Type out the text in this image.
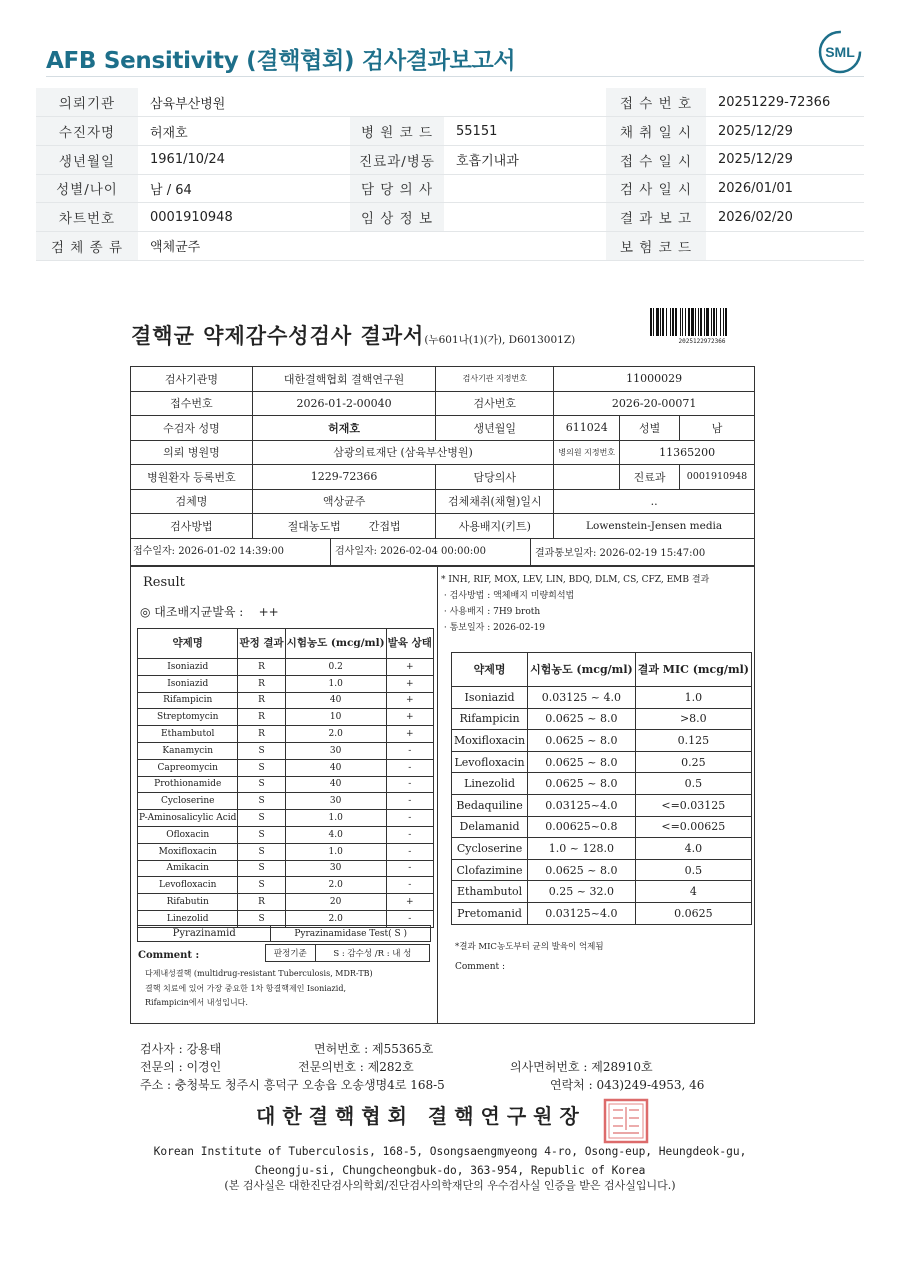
AFB Sensitivity (결핵협회) 검사결과보고서	SML
의뢰기관	삼육부산병원			접 수 번 호	20251229-72366
수진자명	허재호	병 원 코 드	55151	채 취 일 시	2025/12/29
생년월일	1961/10/24	진료과/병동	호흡기내과	접 수 일 시	2025/12/29
성별/나이	남 / 64	담 당 의 사		검 사 일 시	2026/01/01
차트번호	0001910948	임 상 정 보		결 과 보 고	2026/02/20
검 체 종 류	액체균주			보 험 코 드	
결핵균 약제감수성검사 결과서(누601나(1)(가), D6013001Z)	2025122972366
검사기관명	대한결핵협회 결핵연구원	검사기관 지정번호	11000029		
접수번호	2026-01-2-00040	검사번호	2026-20-00071		
수검자 성명	허재호	생년월일	611024	성별	남
의뢰 병원명	삼광의료재단 (삼육부산병원)		병의원 지정번호	11365200	
병원환자 등록번호	1229-72366	담당의사		진료과	0001910948
검체명	액상균주	검체채취(채혈)일시	..		
검사방법	절대농도법 간접법	사용배지(키트)	Lowenstein-Jensen media		

접수일자: 2026-01-02 14:39:00 검사일자: 2026-02-04 00:00:00 결과통보일자: 2026-02-19 15:47:00					
Result
◎ 대조배지균발육 : ++
약제명	판정 결과	시험농도 (mcg/ml)	발육 상태
Isoniazid	R	0.2	+
Isoniazid	R	1.0	+
Rifampicin	R	40	+
Streptomycin	R	10	+
Ethambutol	R	2.0	+
Kanamycin	S	30	-
Capreomycin	S	40	-
Prothionamide	S	40	-
Cycloserine	S	30	-
P-Aminosalicylic Acid	S	1.0	-
Ofloxacin	S	4.0	-
Moxifloxacin	S	1.0	-
Amikacin	S	30	-
Levofloxacin	S	2.0	-
Rifabutin	R	20	+
Linezolid	S	2.0	-
Pyrazinamid	Pyrazinamidase Test( S )
판정기준	S : 감수성 /R : 내 성
Comment :
다제내성결핵 (multidrug-resistant Tuberculosis, MDR-TB)
결핵 치료에 있어 가장 중요한 1차 항결핵제인 Isoniazid,
Rifampicin에서 내성입니다.
* INH, RIF, MOX, LEV, LIN, BDQ, DLM, CS, CFZ, EMB 결과
· 검사방법 : 액체배지 미량희석법
· 사용배지 : 7H9 broth
· 통보일자 : 2026-02-19
약제명	시험농도 (mcg/ml)	결과 MIC (mcg/ml)
Isoniazid	0.03125 ~ 4.0	1.0
Rifampicin	0.0625 ~ 8.0	>8.0
Moxifloxacin	0.0625 ~ 8.0	0.125
Levofloxacin	0.0625 ~ 8.0	0.25
Linezolid	0.0625 ~ 8.0	0.5
Bedaquiline	0.03125~4.0	<=0.03125
Delamanid	0.00625~0.8	<=0.00625
Cycloserine	1.0 ~ 128.0	4.0
Clofazimine	0.0625 ~ 8.0	0.5
Ethambutol	0.25 ~ 32.0	4
Pretomanid	0.03125~4.0	0.0625
*결과 MIC농도부터 균의 발육이 억제됨
Comment :
검사자 : 강용태	면허번호 : 제55365호
전문의 : 이경인	전문의번호 : 제282호	의사면허번호 : 제28910호
주소 : 충청북도 청주시 흥덕구 오송읍 오송생명4로 168-5	연락처 : 043)249-4953, 46
대한결핵협회 결핵연구원장
Korean Institute of Tuberculosis, 168-5, Osongsaengmyeong 4-ro, Osong-eup, Heungdeok-gu,
Cheongju-si, Chungcheongbuk-do, 363-954, Republic of Korea
(본 검사실은 대한진단검사의학회/진단검사의학재단의 우수검사실 인증을 받은 검사실입니다.)
